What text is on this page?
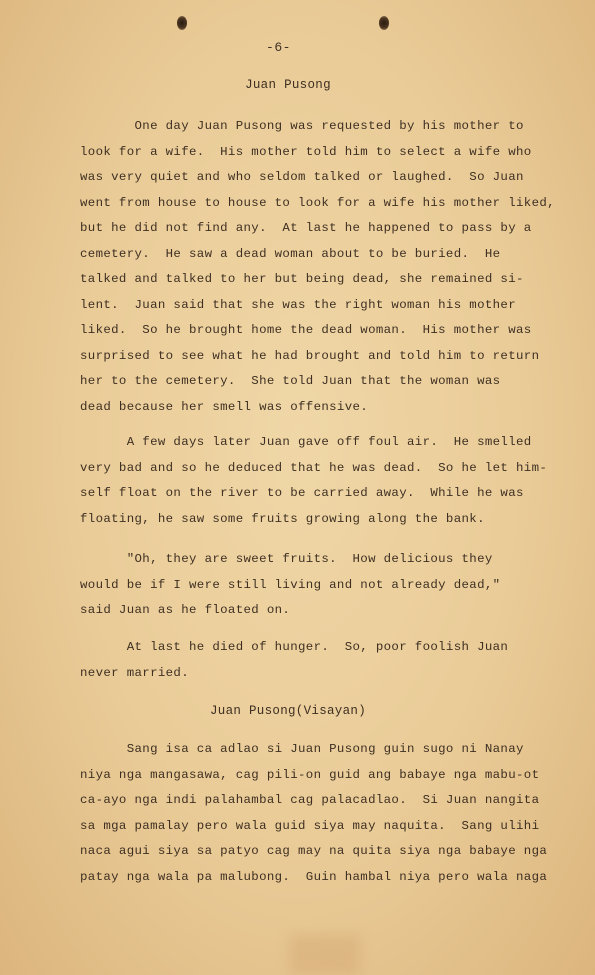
-6-
Juan Pusong
One day Juan Pusong was requested by his mother to
look for a wife.  His mother told him to select a wife who
was very quiet and who seldom talked or laughed.  So Juan
went from house to house to look for a wife his mother liked,
but he did not find any.  At last he happened to pass by a
cemetery.  He saw a dead woman about to be buried.  He
talked and talked to her but being dead, she remained si-
lent.  Juan said that she was the right woman his mother
liked.  So he brought home the dead woman.  His mother was
surprised to see what he had brought and told him to return
her to the cemetery.  She told Juan that the woman was
dead because her smell was offensive.
A few days later Juan gave off foul air.  He smelled
very bad and so he deduced that he was dead.  So he let him-
self float on the river to be carried away.  While he was
floating, he saw some fruits growing along the bank.
"Oh, they are sweet fruits.  How delicious they
would be if I were still living and not already dead,"
said Juan as he floated on.
At last he died of hunger.  So, poor foolish Juan
never married.
Juan Pusong(Visayan)
Sang isa ca adlao si Juan Pusong guin sugo ni Nanay
niya nga mangasawa, cag pili-on guid ang babaye nga mabu-ot
ca-ayo nga indi palahambal cag palacadlao.  Si Juan nangita
sa mga pamalay pero wala guid siya may naquita.  Sang ulihi
naca agui siya sa patyo cag may na quita siya nga babaye nga
patay nga wala pa malubong.  Guin hambal niya pero wala naga
